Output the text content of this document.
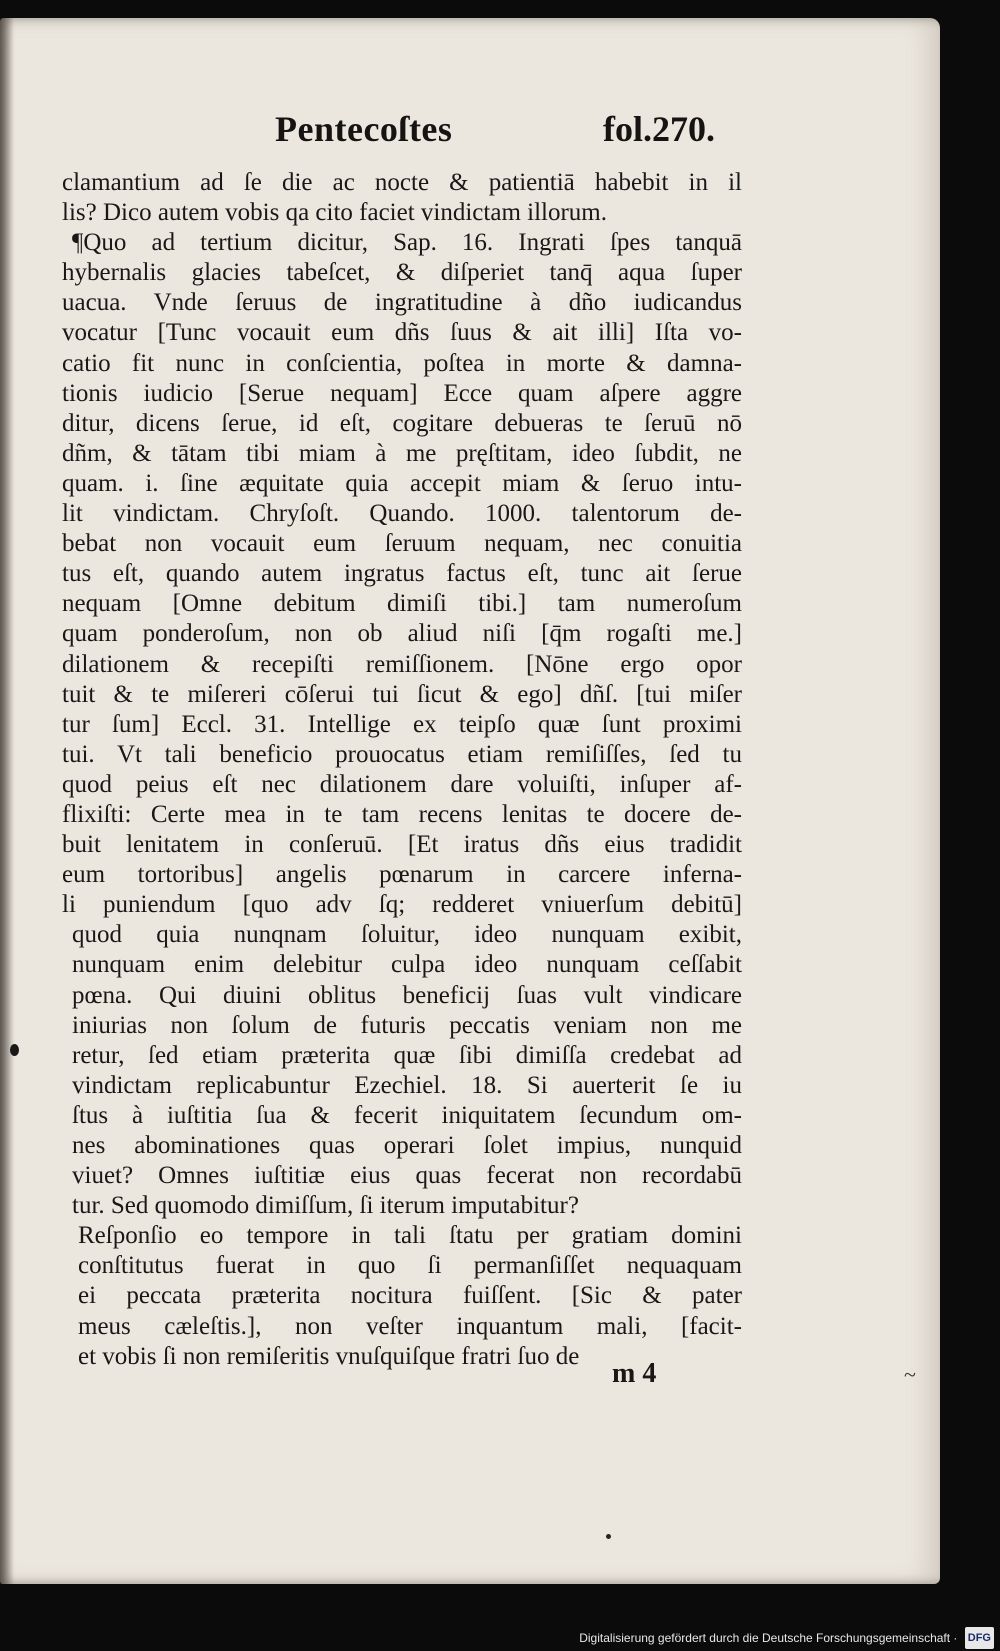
Pentecoſtes	fol.270.
clamantium ad ſe die ac nocte & patientiā habebit in il
lis? Dico autem vobis qa cito faciet vindictam illorum.
¶Quo ad tertium dicitur, Sap. 16. Ingrati ſpes tanquā
hybernalis glacies tabeſcet, & diſperiet tanq̄ aqua ſuper
uacua. Vnde ſeruus de ingratitudine à dño iudicandus
vocatur [Tunc vocauit eum dñs ſuus & ait illi] Iſta vo-
catio fit nunc in conſcientia, poſtea in morte & damna-
tionis iudicio [Serue nequam] Ecce quam aſpere aggre
ditur, dicens ſerue, id eſt, cogitare debueras te ſeruū nō
dñm, & tātam tibi miam à me pręſtitam, ideo ſubdit, ne
quam. i. ſine æquitate quia accepit miam & ſeruo intu-
lit vindictam. Chryſoſt. Quando. 1000. talentorum de-
bebat non vocauit eum ſeruum nequam, nec conuitia
tus eſt, quando autem ingratus factus eſt, tunc ait ſerue
nequam [Omne debitum dimiſi tibi.] tam numeroſum
quam ponderoſum, non ob aliud niſi [q̄m rogaſti me.]
dilationem & recepiſti remiſſionem. [Nōne ergo opor
tuit & te miſereri cōſerui tui ſicut & ego] dñſ. [tui miſer
tur ſum] Eccl. 31. Intellige ex teipſo quæ ſunt proximi
tui. Vt tali beneficio prouocatus etiam remiſiſſes, ſed tu
quod peius eſt nec dilationem dare voluiſti, inſuper af-
flixiſti: Certe mea in te tam recens lenitas te docere de-
buit lenitatem in conſeruū. [Et iratus dñs eius tradidit
eum tortoribus] angelis pœnarum in carcere inferna-
li puniendum [quo adv ſq; redderet vniuerſum debitū]
quod quia nunqnam ſoluitur, ideo nunquam exibit,
nunquam enim delebitur culpa ideo nunquam ceſſabit
pœna. Qui diuini oblitus beneficij ſuas vult vindicare
iniurias non ſolum de futuris peccatis veniam non me
retur, ſed etiam præterita quæ ſibi dimiſſa credebat ad
vindictam replicabuntur Ezechiel. 18. Si auerterit ſe iu
ſtus à iuſtitia ſua & fecerit iniquitatem ſecundum om-
nes abominationes quas operari ſolet impius, nunquid
viuet? Omnes iuſtitiæ eius quas fecerat non recordabū
tur. Sed quomodo dimiſſum, ſi iterum imputabitur?
Reſponſio eo tempore in tali ſtatu per gratiam domini
conſtitutus fuerat in quo ſi permanſiſſet nequaquam
ei peccata præterita nocitura fuiſſent. [Sic & pater
meus cæleſtis.], non veſter inquantum mali, [facit-
et vobis ſi non remiſeritis vnuſquiſque fratri ſuo de
m 4	~
Digitalisierung gefördert durch die Deutsche Forschungsgemeinschaft · DFG
